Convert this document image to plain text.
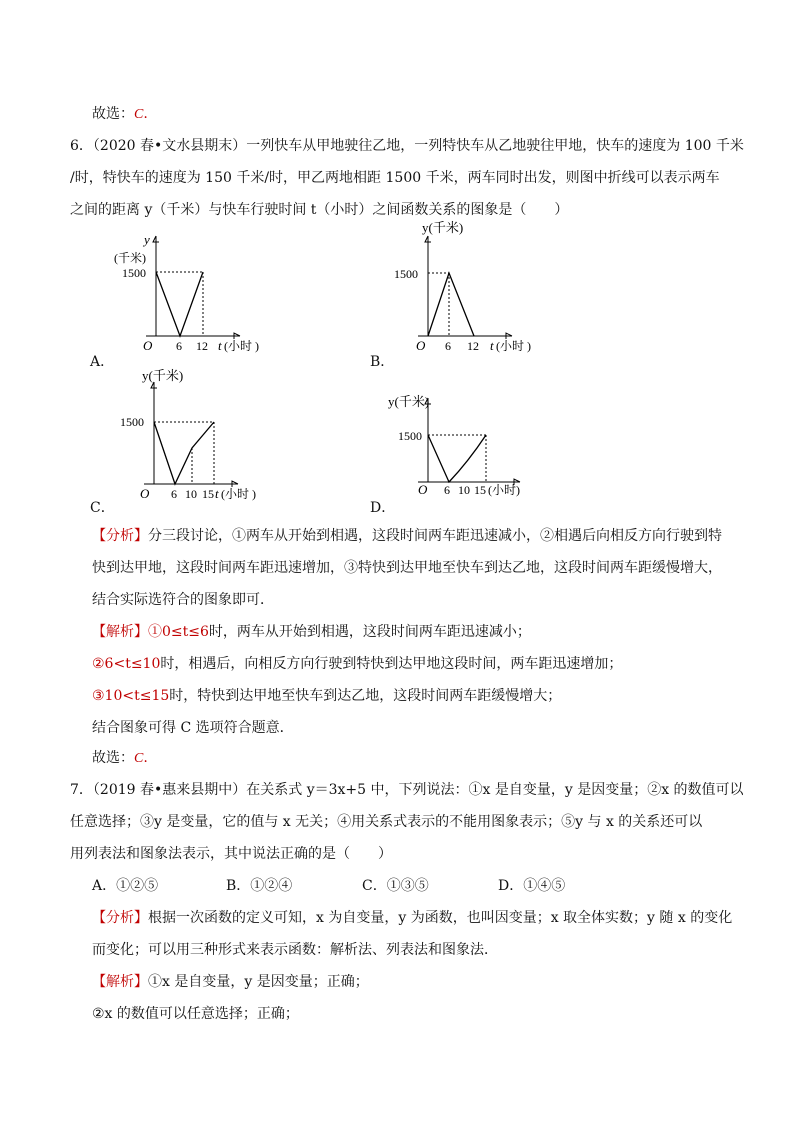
故选：C.
6．（2020 春•文水县期末）一列快车从甲地驶往乙地，一列特快车从乙地驶往甲地，快车的速度为 100 千米
/时，特快车的速度为 150 千米/时，甲乙两地相距 1500 千米，两车同时出发，则图中折线可以表示两车
之间的距离 y（千米）与快车行驶时间 t（小时）之间函数关系的图象是（　　）
y
(千米)
1500
O 6 12 t (小时 )
A．
y(千米)
1500
O 6 12 t (小时 )
B．
y(千米)
1500
O 6 10 15 t (小时 )
C．
y(千米)
1500
O 6 10 15 (小时)
D．
【分析】分三段讨论，①两车从开始到相遇，这段时间两车距迅速减小，②相遇后向相反方向行驶到特
快到达甲地，这段时间两车距迅速增加，③特快到达甲地至快车到达乙地，这段时间两车距缓慢增大，
结合实际选符合的图象即可．
【解析】①0≤t≤6时，两车从开始到相遇，这段时间两车距迅速减小；
②6<t≤10时，相遇后，向相反方向行驶到特快到达甲地这段时间，两车距迅速增加；
③10<t≤15时，特快到达甲地至快车到达乙地，这段时间两车距缓慢增大；
结合图象可得 C 选项符合题意．
故选：C.
7．（2019 春•惠来县期中）在关系式 y＝3x+5 中，下列说法：①x 是自变量，y 是因变量；②x 的数值可以
任意选择；③y 是变量，它的值与 x 无关；④用关系式表示的不能用图象表示；⑤y 与 x 的关系还可以
用列表法和图象法表示，其中说法正确的是（　　）
A．①②⑤	B．①②④	C．①③⑤	D．①④⑤
【分析】根据一次函数的定义可知，x 为自变量，y 为函数，也叫因变量；x 取全体实数；y 随 x 的变化
而变化；可以用三种形式来表示函数：解析法、列表法和图象法．
【解析】①x 是自变量，y 是因变量；正确；
②x 的数值可以任意选择；正确；
